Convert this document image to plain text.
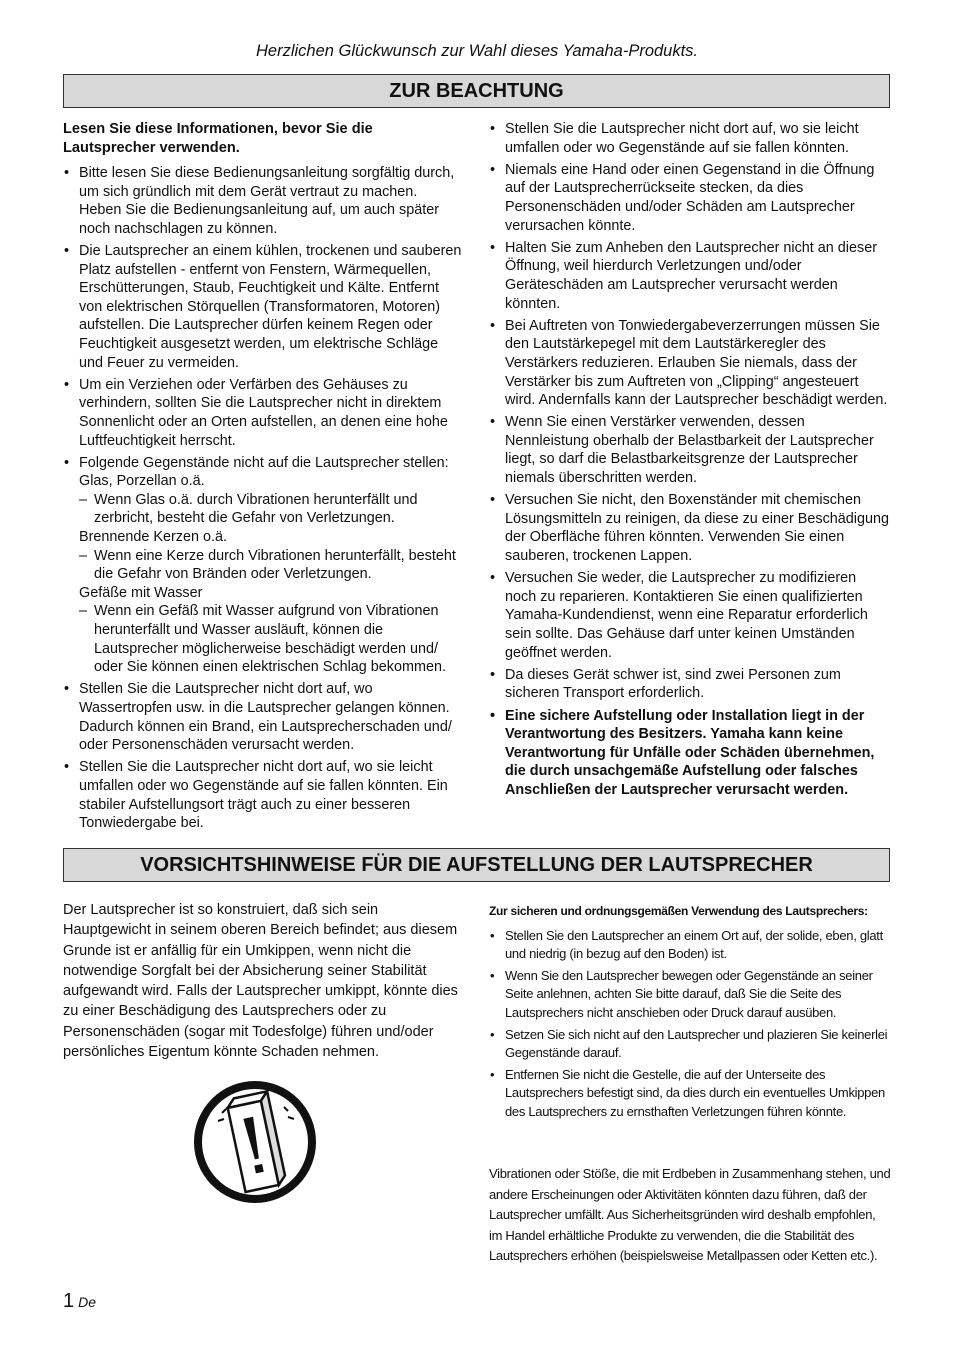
Herzlichen Glückwunsch zur Wahl dieses Yamaha-Produkts.
ZUR BEACHTUNG
Lesen Sie diese Informationen, bevor Sie die Lautsprecher verwenden.
• Bitte lesen Sie diese Bedienungsanleitung sorgfältig durch, um sich gründlich mit dem Gerät vertraut zu machen. Heben Sie die Bedienungsanleitung auf, um auch später noch nachschlagen zu können.
• Die Lautsprecher an einem kühlen, trockenen und sauberen Platz aufstellen - entfernt von Fenstern, Wärmequellen, Erschütterungen, Staub, Feuchtigkeit und Kälte. Entfernt von elektrischen Störquellen (Transformatoren, Motoren) aufstellen. Die Lautsprecher dürfen keinem Regen oder Feuchtigkeit ausgesetzt werden, um elektrische Schläge und Feuer zu vermeiden.
• Um ein Verziehen oder Verfärben des Gehäuses zu verhindern, sollten Sie die Lautsprecher nicht in direktem Sonnenlicht oder an Orten aufstellen, an denen eine hohe Luftfeuchtigkeit herrscht.
• Folgende Gegenstände nicht auf die Lautsprecher stellen:
Glas, Porzellan o.ä.
– Wenn Glas o.ä. durch Vibrationen herunterfällt und zerbricht, besteht die Gefahr von Verletzungen.
Brennende Kerzen o.ä.
– Wenn eine Kerze durch Vibrationen herunterfällt, besteht die Gefahr von Bränden oder Verletzungen.
Gefäße mit Wasser
– Wenn ein Gefäß mit Wasser aufgrund von Vibrationen herunterfällt und Wasser ausläuft, können die Lautsprecher möglicherweise beschädigt werden und/ oder Sie können einen elektrischen Schlag bekommen.
• Stellen Sie die Lautsprecher nicht dort auf, wo Wassertropfen usw. in die Lautsprecher gelangen können. Dadurch können ein Brand, ein Lautsprecherschaden und/ oder Personenschäden verursacht werden.
• Stellen Sie die Lautsprecher nicht dort auf, wo sie leicht umfallen oder wo Gegenstände auf sie fallen könnten. Ein stabiler Aufstellungsort trägt auch zu einer besseren Tonwiedergabe bei.
• Stellen Sie die Lautsprecher nicht dort auf, wo sie leicht umfallen oder wo Gegenstände auf sie fallen könnten.
• Niemals eine Hand oder einen Gegenstand in die Öffnung auf der Lautsprecherrückseite stecken, da dies Personenschäden und/oder Schäden am Lautsprecher verursachen könnte.
• Halten Sie zum Anheben den Lautsprecher nicht an dieser Öffnung, weil hierdurch Verletzungen und/oder Geräteschäden am Lautsprecher verursacht werden könnten.
• Bei Auftreten von Tonwiedergabeverzerrungen müssen Sie den Lautstärkepegel mit dem Lautstärkeregler des Verstärkers reduzieren. Erlauben Sie niemals, dass der Verstärker bis zum Auftreten von „Clipping“ angesteuert wird. Andernfalls kann der Lautsprecher beschädigt werden.
• Wenn Sie einen Verstärker verwenden, dessen Nennleistung oberhalb der Belastbarkeit der Lautsprecher liegt, so darf die Belastbarkeitsgrenze der Lautsprecher niemals überschritten werden.
• Versuchen Sie nicht, den Boxenständer mit chemischen Lösungsmitteln zu reinigen, da diese zu einer Beschädigung der Oberfläche führen könnten. Verwenden Sie einen sauberen, trockenen Lappen.
• Versuchen Sie weder, die Lautsprecher zu modifizieren noch zu reparieren. Kontaktieren Sie einen qualifizierten Yamaha-Kundendienst, wenn eine Reparatur erforderlich sein sollte. Das Gehäuse darf unter keinen Umständen geöffnet werden.
• Da dieses Gerät schwer ist, sind zwei Personen zum sicheren Transport erforderlich.
• Eine sichere Aufstellung oder Installation liegt in der Verantwortung des Besitzers. Yamaha kann keine Verantwortung für Unfälle oder Schäden übernehmen, die durch unsachgemäße Aufstellung oder falsches Anschließen der Lautsprecher verursacht werden.
VORSICHTSHINWEISE FÜR DIE AUFSTELLUNG DER LAUTSPRECHER
Der Lautsprecher ist so konstruiert, daß sich sein Hauptgewicht in seinem oberen Bereich befindet; aus diesem Grunde ist er anfällig für ein Umkippen, wenn nicht die notwendige Sorgfalt bei der Absicherung seiner Stabilität aufgewandt wird. Falls der Lautsprecher umkippt, könnte dies zu einer Beschädigung des Lautsprechers oder zu Personenschäden (sogar mit Todesfolge) führen und/oder persönliches Eigentum könnte Schaden nehmen.
Zur sicheren und ordnungsgemäßen Verwendung des Lautsprechers:
• Stellen Sie den Lautsprecher an einem Ort auf, der solide, eben, glatt und niedrig (in bezug auf den Boden) ist.
• Wenn Sie den Lautsprecher bewegen oder Gegenstände an seiner Seite anlehnen, achten Sie bitte darauf, daß Sie die Seite des Lautsprechers nicht anschieben oder Druck darauf ausüben.
• Setzen Sie sich nicht auf den Lautsprecher und plazieren Sie keinerlei Gegenstände darauf.
• Entfernen Sie nicht die Gestelle, die auf der Unterseite des Lautsprechers befestigt sind, da dies durch ein eventuelles Umkippen des Lautsprechers zu ernsthaften Verletzungen führen könnte.
Vibrationen oder Stöße, die mit Erdbeben in Zusammenhang stehen, und andere Erscheinungen oder Aktivitäten könnten dazu führen, daß der Lautsprecher umfällt. Aus Sicherheitsgründen wird deshalb empfohlen, im Handel erhältliche Produkte zu verwenden, die die Stabilität des Lautsprechers erhöhen (beispielsweise Metallpassen oder Ketten etc.).
1 De
